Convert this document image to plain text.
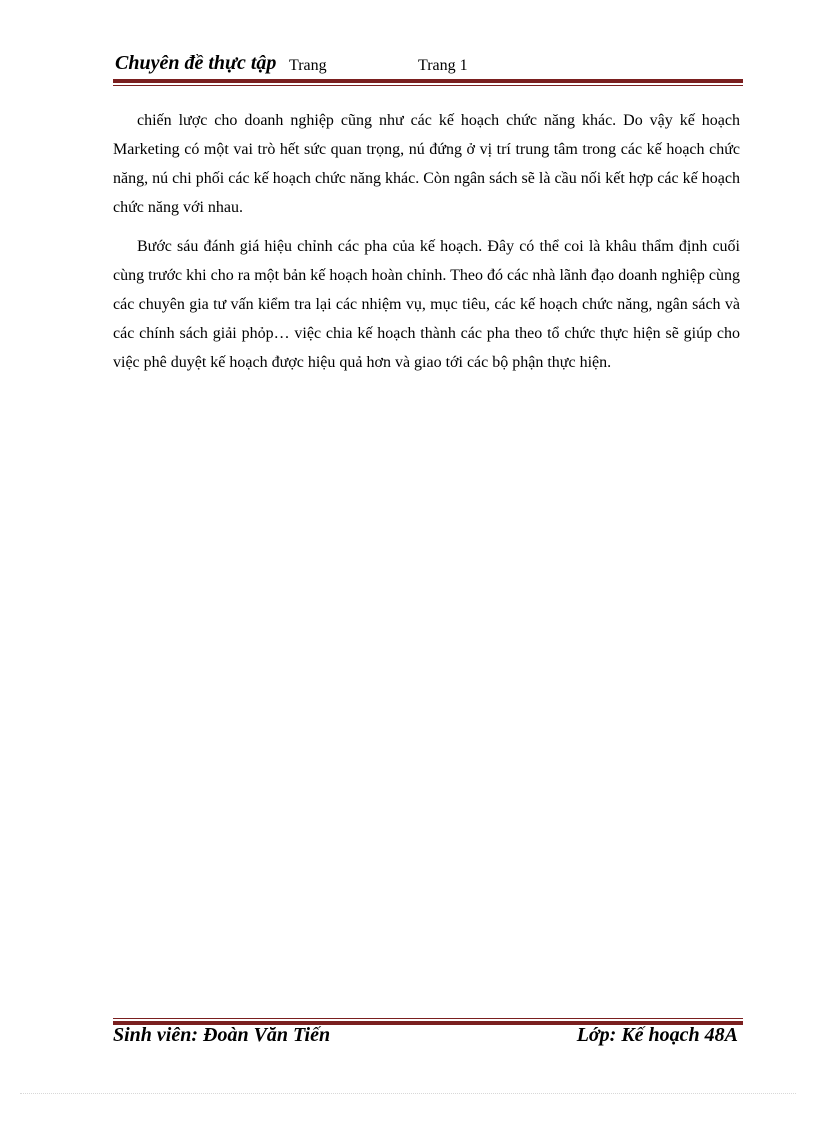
Chuyên đề thực tập Trang	Trang 1

chiến lược cho doanh nghiệp cũng như các kế hoạch chức năng khác. Do vậy kế hoạch Marketing có một vai trò hết sức quan trọng, nú đứng ở vị trí trung tâm trong các kế hoạch chức năng, nú chi phối các kế hoạch chức năng khác. Còn ngân sách sẽ là cầu nối kết hợp các kế hoạch chức năng với nhau.

Bước sáu đánh giá hiệu chỉnh các pha của kế hoạch. Đây có thể coi là khâu thẩm định cuối cùng trước khi cho ra một bản kế hoạch hoàn chỉnh. Theo đó các nhà lãnh đạo doanh nghiệp cùng các chuyên gia tư vấn kiểm tra lại các nhiệm vụ, mục tiêu, các kế hoạch chức năng, ngân sách và các chính sách giải phỏp… việc chia kế hoạch thành các pha theo tổ chức thực hiện sẽ giúp cho việc phê duyệt kế hoạch được hiệu quả hơn và giao tới các bộ phận thực hiện.

Sinh viên: Đoàn Văn Tiến	Lớp: Kế hoạch 48A
